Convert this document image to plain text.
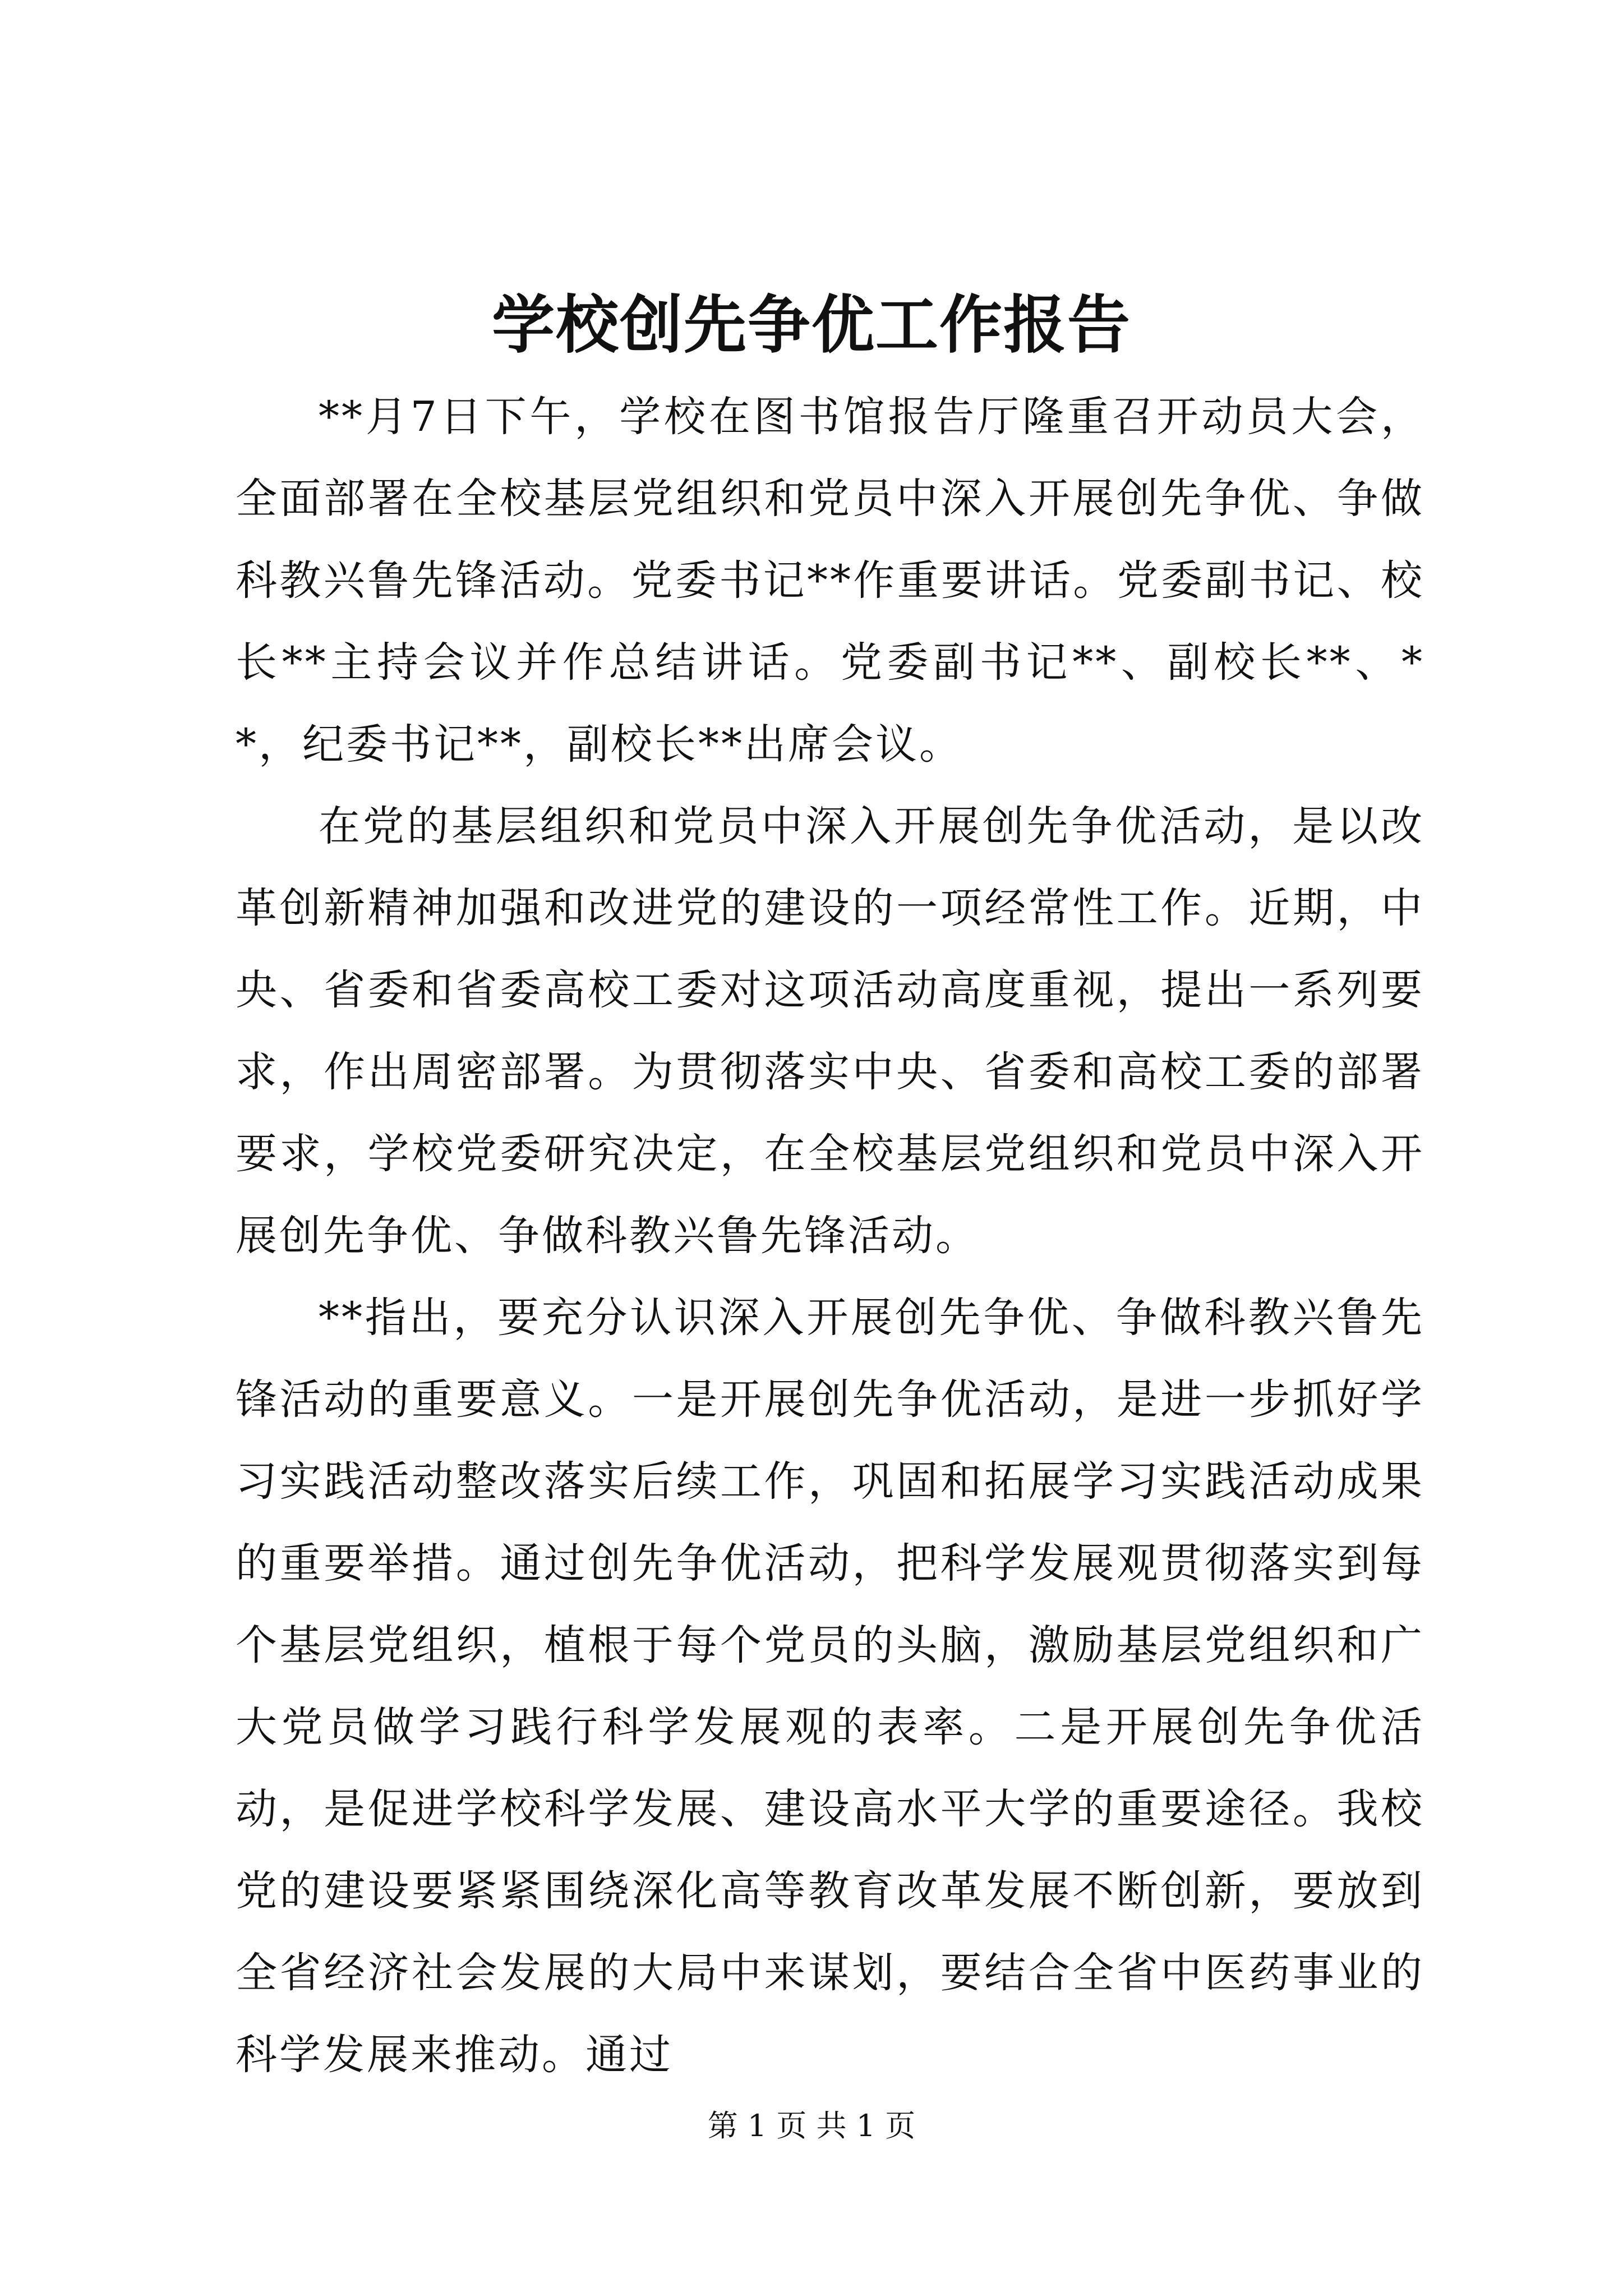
学校创先争优工作报告

**月7日下午，学校在图书馆报告厅隆重召开动员大会，全面部署在全校基层党组织和党员中深入开展创先争优、争做科教兴鲁先锋活动。党委书记**作重要讲话。党委副书记、校长**主持会议并作总结讲话。党委副书记**、副校长**、**，纪委书记**，副校长**出席会议。

在党的基层组织和党员中深入开展创先争优活动，是以改革创新精神加强和改进党的建设的一项经常性工作。近期，中央、省委和省委高校工委对这项活动高度重视，提出一系列要求，作出周密部署。为贯彻落实中央、省委和高校工委的部署要求，学校党委研究决定，在全校基层党组织和党员中深入开展创先争优、争做科教兴鲁先锋活动。

**指出，要充分认识深入开展创先争优、争做科教兴鲁先锋活动的重要意义。一是开展创先争优活动，是进一步抓好学习实践活动整改落实后续工作，巩固和拓展学习实践活动成果的重要举措。通过创先争优活动，把科学发展观贯彻落实到每个基层党组织，植根于每个党员的头脑，激励基层党组织和广大党员做学习践行科学发展观的表率。二是开展创先争优活动，是促进学校科学发展、建设高水平大学的重要途径。我校党的建设要紧紧围绕深化高等教育改革发展不断创新，要放到全省经济社会发展的大局中来谋划，要结合全省中医药事业的科学发展来推动。通过

第 1 页 共 1 页
